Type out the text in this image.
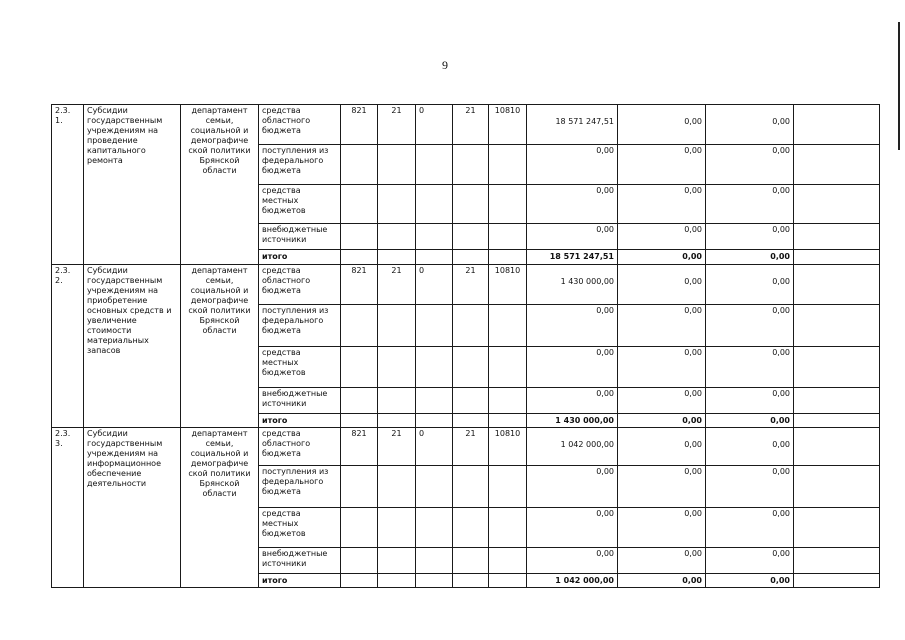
9
2.3. 1.	Субсидии государственным учреждениям на проведение капитального ремонта	департамент семьи, социальной и демографиче ской политики Брянской области	средства областного бюджета	821	21	0	21	10810	18 571 247,51	0,00	0,00	
			поступления из федерального бюджета						0,00	0,00	0,00	
			средства местных бюджетов						0,00	0,00	0,00	
			внебюджетные источники						0,00	0,00	0,00	
			итого						18 571 247,51	0,00	0,00	
2.3. 2.	Субсидии государственным учреждениям на приобретение основных средств и увеличение стоимости материальных запасов	департамент семьи, социальной и демографиче ской политики Брянской области	средства областного бюджета	821	21	0	21	10810	1 430 000,00	0,00	0,00	
			поступления из федерального бюджета						0,00	0,00	0,00	
			средства местных бюджетов						0,00	0,00	0,00	
			внебюджетные источники						0,00	0,00	0,00	
			итого						1 430 000,00	0,00	0,00	
2.3. 3.	Субсидии государственным учреждениям на информационное обеспечение деятельности	департамент семьи, социальной и демографиче ской политики Брянской области	средства областного бюджета	821	21	0	21	10810	1 042 000,00	0,00	0,00	
			поступления из федерального бюджета						0,00	0,00	0,00	
			средства местных бюджетов						0,00	0,00	0,00	
			внебюджетные источники						0,00	0,00	0,00	
			итого						1 042 000,00	0,00	0,00	
